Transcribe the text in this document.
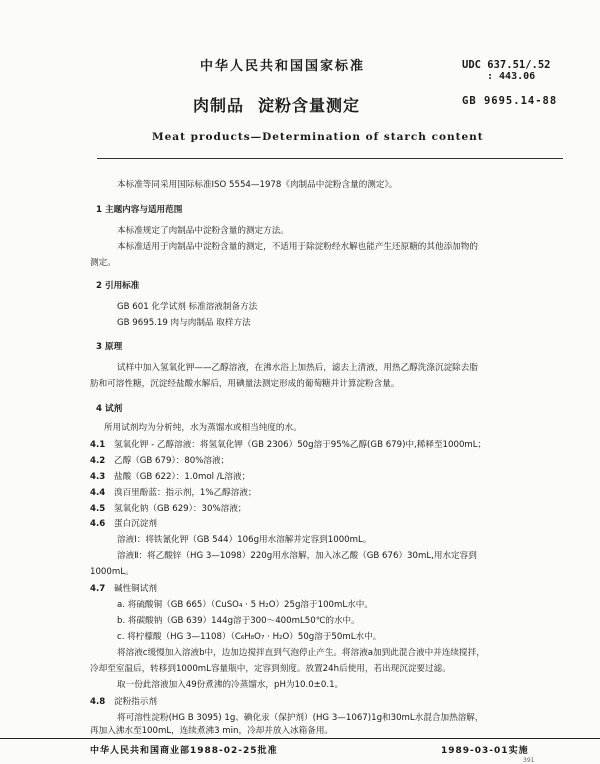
中华人民共和国国家标准	UDC 637.51/.52
: 443.06
肉制品 淀粉含量测定	GB 9695.14-88
Meat products—Determination of starch content
本标准等同采用国际标准ISO 5554—1978《肉制品中淀粉含量的测定》。
1 主题内容与适用范围
本标准规定了肉制品中淀粉含量的测定方法。
本标准适用于肉制品中淀粉含量的测定，不适用于除淀粉经水解也能产生还原糖的其他添加物的
测定。
2 引用标准
GB 601 化学试剂 标准溶液制备方法
GB 9695.19 肉与肉制品 取样方法
3 原理
试样中加入氢氧化钾——乙醇溶液，在沸水浴上加热后，滤去上清液，用热乙醇洗涤沉淀除去脂
肪和可溶性糖，沉淀经盐酸水解后，用碘量法测定形成的葡萄糖并计算淀粉含量。
4 试剂
所用试剂均为分析纯，水为蒸馏水或相当纯度的水。
4.1 氢氧化钾 - 乙醇溶液：将氢氧化钾（GB 2306）50g溶于95%乙醇(GB 679)中,稀释至1000mL；
4.2 乙醇（GB 679）：80%溶液；
4.3 盐酸（GB 622）：1.0mol /L溶液；
4.4 溴百里酚蓝：指示剂，1%乙醇溶液；
4.5 氢氧化钠（GB 629）：30%溶液；
4.6 蛋白沉淀剂
溶液Ⅰ：将铁氰化钾（GB 544）106g用水溶解并定容到1000mL。
溶液Ⅱ：将乙酸锌（HG 3—1098）220g用水溶解，加入冰乙酸（GB 676）30mL,用水定容到
1000mL。
4.7 碱性铜试剂
a. 将硫酸铜（GB 665）（CuSO₄ · 5 H₂O）25g溶于100mL水中。
b. 将碳酸钠（GB 639）144g溶于300～400mL50℃的水中。
c. 将柠檬酸（HG 3—1108）（C₆H₈O₇ · H₂O）50g溶于50mL水中。
将溶液c缓慢加入溶液b中，边加边搅拌直到气泡停止产生。将溶液a加到此混合液中并连续搅拌，
冷却至室温后，转移到1000mL容量瓶中，定容到刻度。放置24h后使用，若出现沉淀要过滤。
取一份此溶液加入49份煮沸的冷蒸馏水，pH为10.0±0.1。
4.8 淀粉指示剂
将可溶性淀粉(HG B 3095) 1g、碘化汞（保护剂）(HG 3—1067)1g和30mL水混合加热溶解，
再加入沸水至100mL，连续煮沸3 min，冷却并放入冰箱备用。
中华人民共和国商业部1988-02-25批准	1989-03-01实施
391
